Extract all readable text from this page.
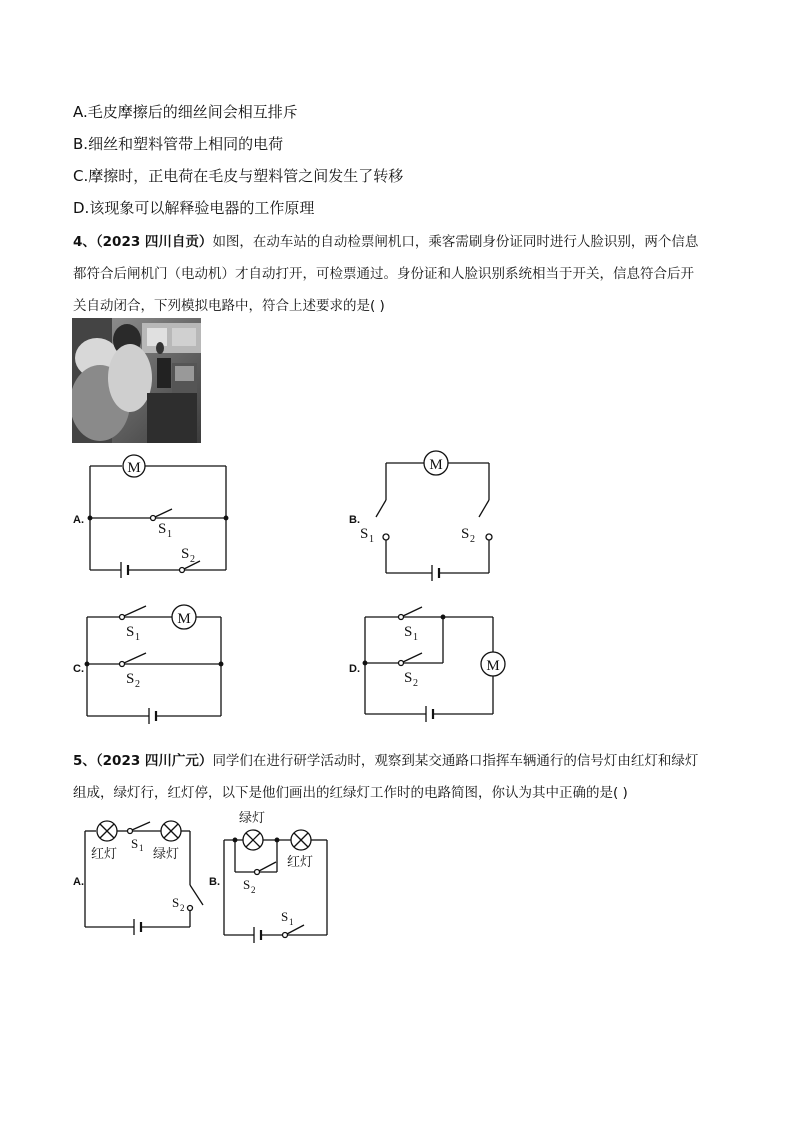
A.毛皮摩擦后的细丝间会相互排斥
B.细丝和塑料管带上相同的电荷
C.摩擦时，正电荷在毛皮与塑料管之间发生了转移
D.该现象可以解释验电器的工作原理
4、（2023 四川自贡）如图，在动车站的自动检票闸机口，乘客需刷身份证同时进行人脸识别，两个信息
都符合后闸机门（电动机）才自动打开，可检票通过。身份证和人脸识别系统相当于开关，信息符合后开
关自动闭合，下列模拟电路中，符合上述要求的是( )
A.
M
S 1
S 2
B.
M
S 1	S 2
C.
M
S 1
S 2
D.	M
S 1
S 2
5、（2023 四川广元）同学们在进行研学活动时，观察到某交通路口指挥车辆通行的信号灯由红灯和绿灯
组成，绿灯行，红灯停，以下是他们画出的红绿灯工作时的电路简图，你认为其中正确的是( )
A.
红灯
S 1 绿灯
S 2
B.
绿灯
红灯
S 2
S 1
